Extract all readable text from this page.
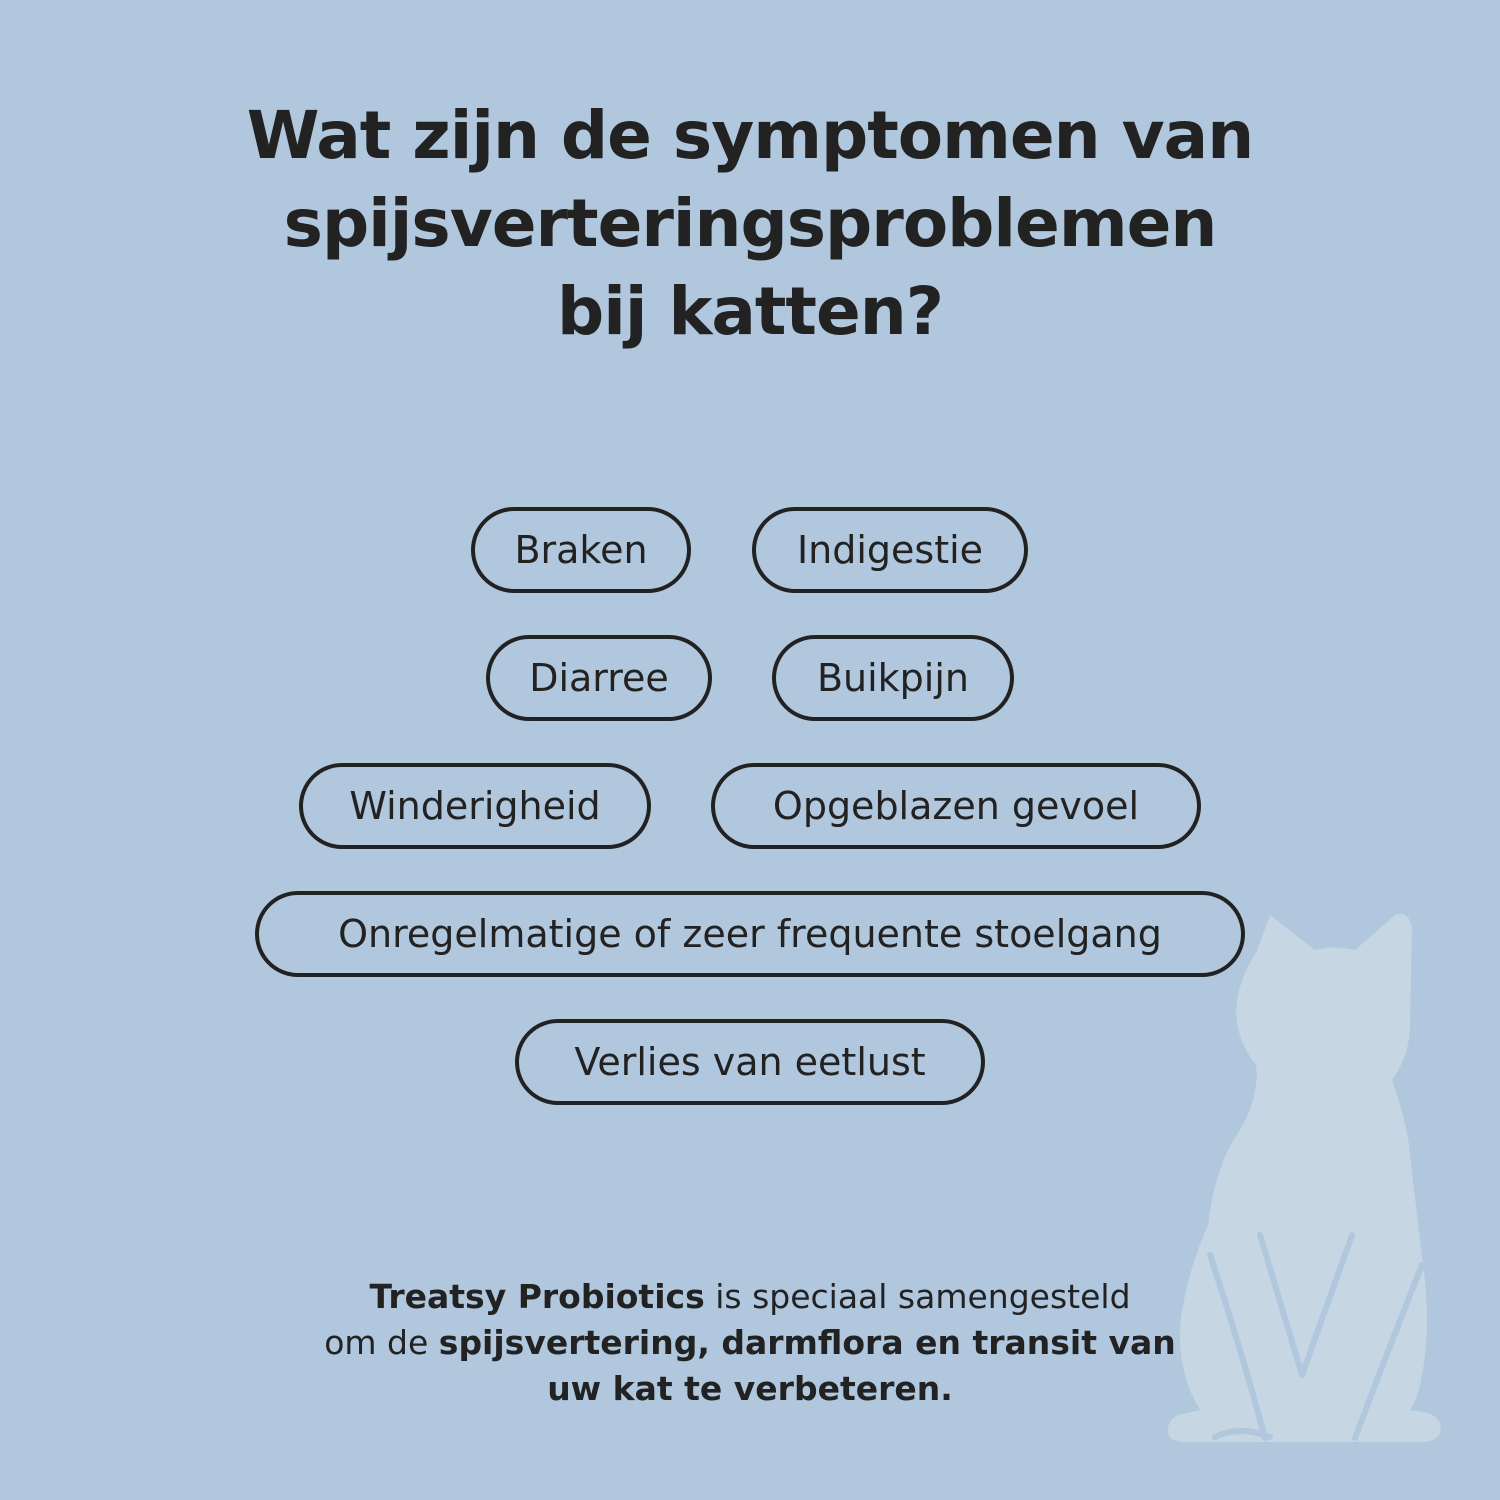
Wat zijn de symptomen van
spijsverteringsproblemen
bij katten?
Braken	Indigestie
Diarree	Buikpijn
Winderigheid	Opgeblazen gevoel
Onregelmatige of zeer frequente stoelgang
Verlies van eetlust
Treatsy Probiotics is speciaal samengesteld
om de spijsvertering, darmflora en transit van
uw kat te verbeteren.
